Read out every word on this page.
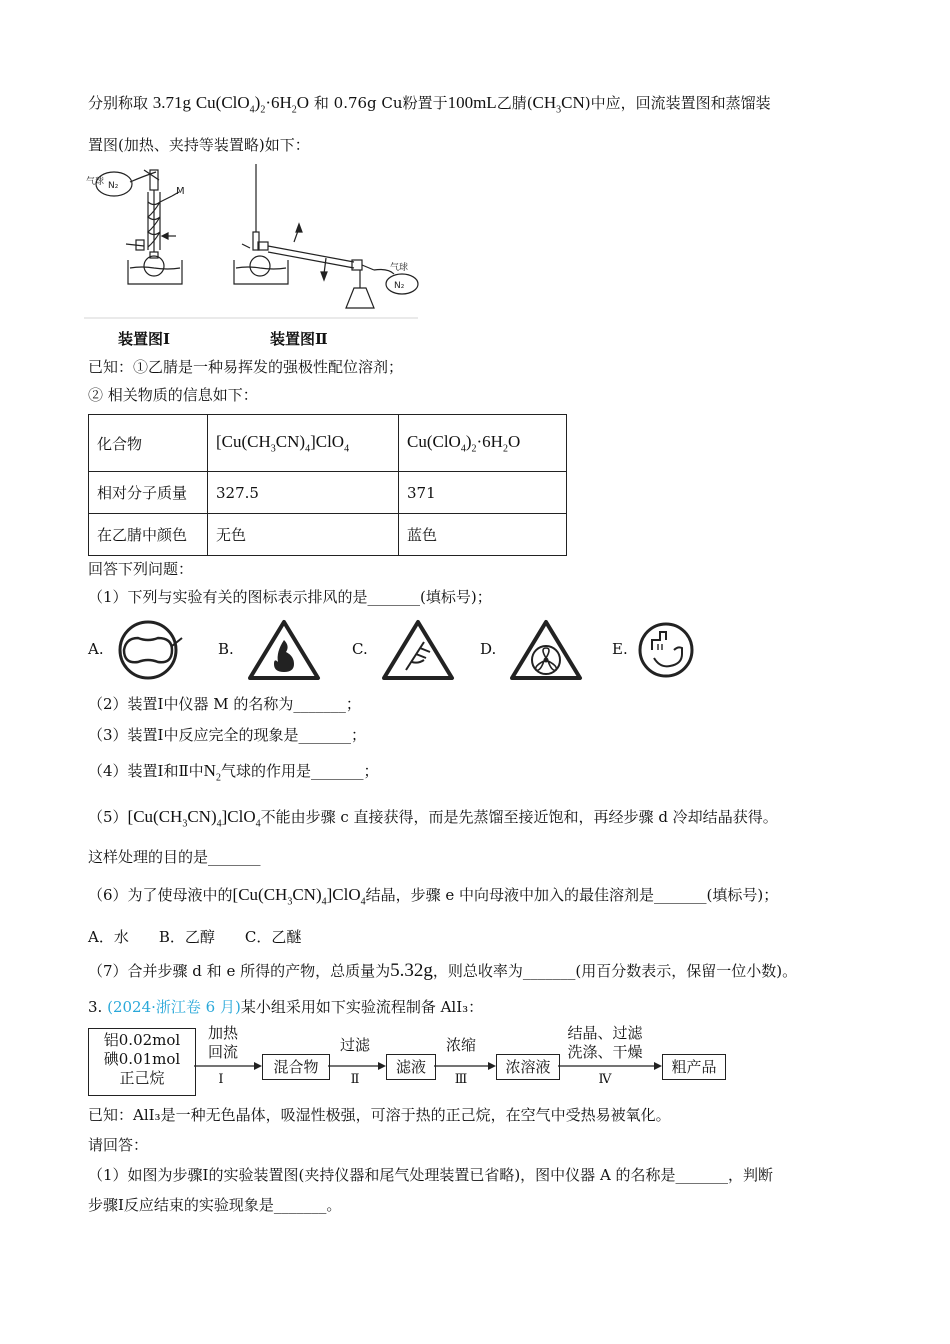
分别称取 3.71g $Cu(ClO_4)_2\cdot 6H_2O$ 和 0.76g Cu粉置于100mL乙腈$(CH_3CN)$中应，回流装置图和蒸馏装
置图(加热、夹持等装置略)如下：
气球 N₂	M
气球
N₂
装置图Ⅰ	装置图Ⅱ
已知：①乙腈是一种易挥发的强极性配位溶剂；
② 相关物质的信息如下：
化合物	$[Cu(CH_3CN)_4]ClO_4$	$Cu(ClO_4)_2\cdot 6H_2O$
相对分子质量	327.5	371
在乙腈中颜色	无色	蓝色
回答下列问题：
（1）下列与实验有关的图标表示排风的是_______(填标号)；
A.	B.	C.	D.	E.
（2）装置Ⅰ中仪器 M 的名称为_______；
（3）装置Ⅰ中反应完全的现象是_______；
（4）装置Ⅰ和Ⅱ中$N_2$气球的作用是_______；
$(5)[Cu(CH_3CN)_4]ClO_4$不能由步骤 c 直接获得，而是先蒸馏至接近饱和，再经步骤 d 冷却结晶获得。
这样处理的目的是_______
（6）为了使母液中的$[Cu(CH_3CN)_4]ClO_4$结晶，步骤 e 中向母液中加入的最佳溶剂是_______(填标号)；
A．水　　B．乙醇　　C．乙醚
（7）合并步骤 d 和 e 所得的产物，总质量为5.32g，则总收率为_______(用百分数表示，保留一位小数)。
3. (2024·浙江卷 6 月)某小组采用如下实验流程制备 AlI₃：
铝0.02mol
碘0.01mol
正己烷
加热
回流
Ⅰ
混合物
过滤
Ⅱ
滤液
浓缩
Ⅲ
浓溶液
结晶、过滤
洗涤、干燥
Ⅳ
粗产品
已知：AlI₃是一种无色晶体，吸湿性极强，可溶于热的正己烷，在空气中受热易被氧化。
请回答：
（1）如图为步骤Ⅰ的实验装置图(夹持仪器和尾气处理装置已省略)，图中仪器 A 的名称是_______，判断
步骤Ⅰ反应结束的实验现象是_______。
